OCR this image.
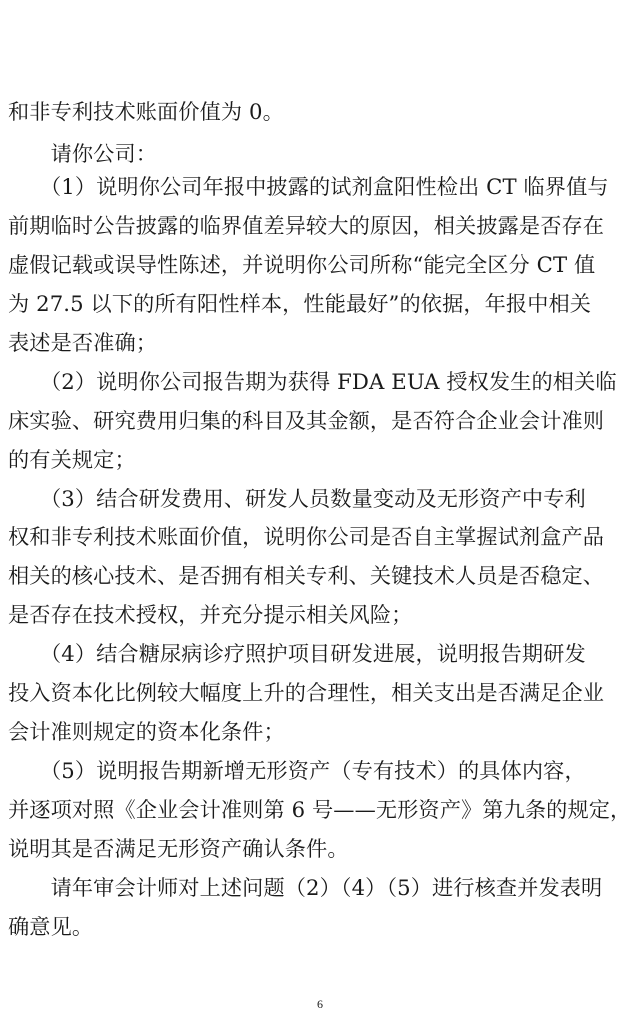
和非专利技术账面价值为 0。
　　请你公司：
　　（1）说明你公司年报中披露的试剂盒阳性检出 CT 临界值与
前期临时公告披露的临界值差异较大的原因，相关披露是否存在
虚假记载或误导性陈述，并说明你公司所称“能完全区分 CT 值
为 27.5 以下的所有阳性样本，性能最好”的依据，年报中相关
表述是否准确；
　　（2）说明你公司报告期为获得 FDA EUA 授权发生的相关临
床实验、研究费用归集的科目及其金额，是否符合企业会计准则
的有关规定；
　　（3）结合研发费用、研发人员数量变动及无形资产中专利
权和非专利技术账面价值，说明你公司是否自主掌握试剂盒产品
相关的核心技术、是否拥有相关专利、关键技术人员是否稳定、
是否存在技术授权，并充分提示相关风险；
　　（4）结合糖尿病诊疗照护项目研发进展，说明报告期研发
投入资本化比例较大幅度上升的合理性，相关支出是否满足企业
会计准则规定的资本化条件；
　　（5）说明报告期新增无形资产（专有技术）的具体内容，
并逐项对照《企业会计准则第 6 号——无形资产》第九条的规定，
说明其是否满足无形资产确认条件。
　　请年审会计师对上述问题（2）（4）（5）进行核查并发表明
确意见。
6
